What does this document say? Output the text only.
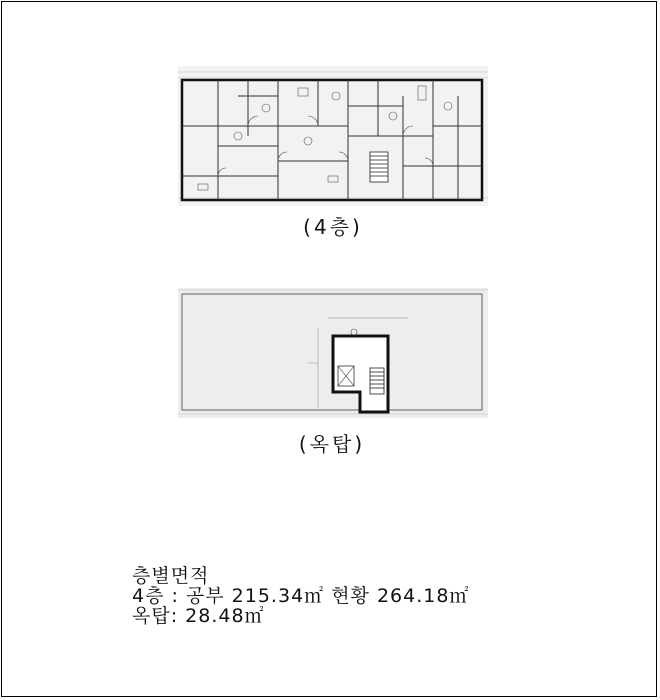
(4층)
(옥탑)
층별면적
4층 : 공부 215.34㎡ 현황 264.18㎡
옥탑: 28.48㎡
